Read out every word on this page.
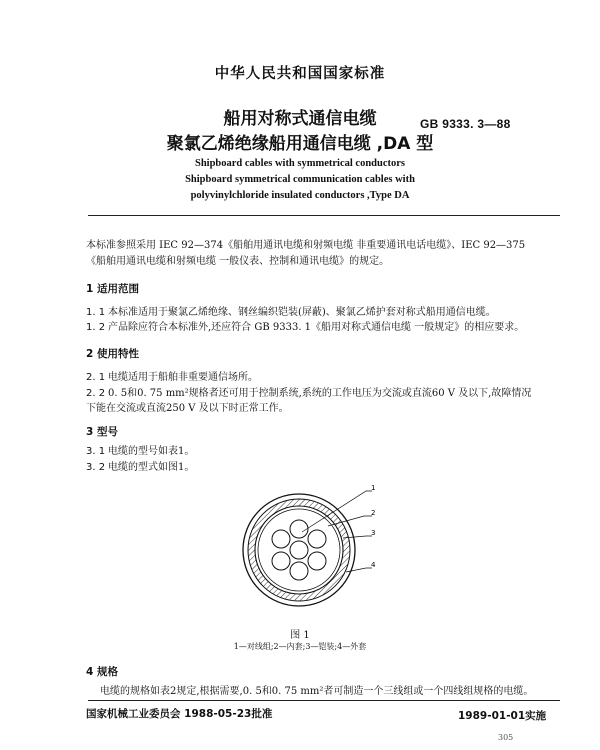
中华人民共和国国家标准
船用对称式通信电缆
聚氯乙烯绝缘船用通信电缆 ,DA 型
GB 9333. 3—88
Shipboard cables with symmetrical conductors
Shipboard symmetrical communication cables with
polyvinylchloride insulated conductors ,Type DA
本标准参照采用 IEC 92—374《船舶用通讯电缆和射频电缆 非重要通讯电话电缆》、IEC 92—375
《船舶用通讯电缆和射频电缆 一般仪表、控制和通讯电缆》的规定。
1 适用范围
1. 1 本标准适用于聚氯乙烯绝缘、钢丝编织铠装(屏蔽)、聚氯乙烯护套对称式船用通信电缆。
1. 2 产品除应符合本标准外,还应符合 GB 9333. 1《船用对称式通信电缆 一般规定》的相应要求。
2 使用特性
2. 1 电缆适用于船舶非重要通信场所。
2. 2 0. 5和0. 75 mm²规格者还可用于控制系统,系统的工作电压为交流或直流60 V 及以下,故障情况
下能在交流或直流250 V 及以下时正常工作。
3 型号
3. 1 电缆的型号如表1。
3. 2 电缆的型式如图1。
1
2
3
4
图 1
1—对线组;2—内套;3—铠装;4—外套
4 规格
电缆的规格如表2规定,根据需要,0. 5和0. 75 mm²者可制造一个三线组或一个四线组规格的电缆。
国家机械工业委员会 1988-05-23批准	1989-01-01实施
305
